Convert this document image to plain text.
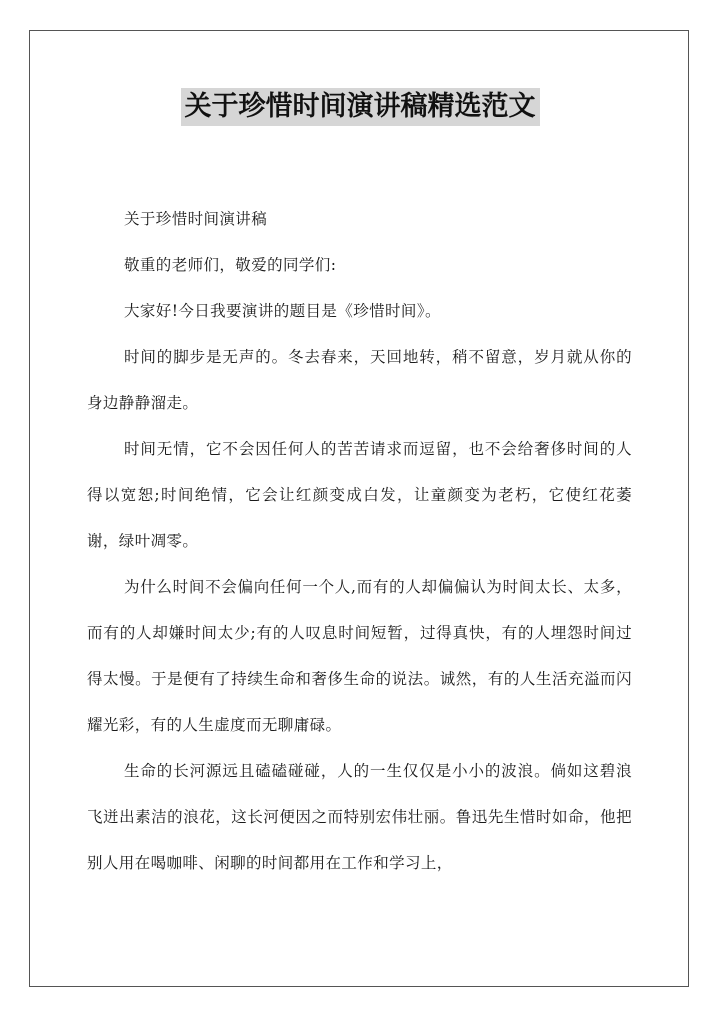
关于珍惜时间演讲稿精选范文

关于珍惜时间演讲稿

敬重的老师们，敬爱的同学们:

大家好!今日我要演讲的题目是《珍惜时间》。

时间的脚步是无声的。冬去春来，天回地转，稍不留意，岁月就从你的身边静静溜走。

时间无情，它不会因任何人的苦苦请求而逗留，也不会给奢侈时间的人得以宽恕;时间绝情，它会让红颜变成白发，让童颜变为老朽，它使红花萎谢，绿叶凋零。

为什么时间不会偏向任何一个人,而有的人却偏偏认为时间太长、太多，而有的人却嫌时间太少;有的人叹息时间短暂，过得真快，有的人埋怨时间过得太慢。于是便有了持续生命和奢侈生命的说法。诚然，有的人生活充溢而闪耀光彩，有的人生虚度而无聊庸碌。

生命的长河源远且磕磕碰碰，人的一生仅仅是小小的波浪。倘如这碧浪飞迸出素洁的浪花，这长河便因之而特别宏伟壮丽。鲁迅先生惜时如命，他把别人用在喝咖啡、闲聊的时间都用在工作和学习上，
